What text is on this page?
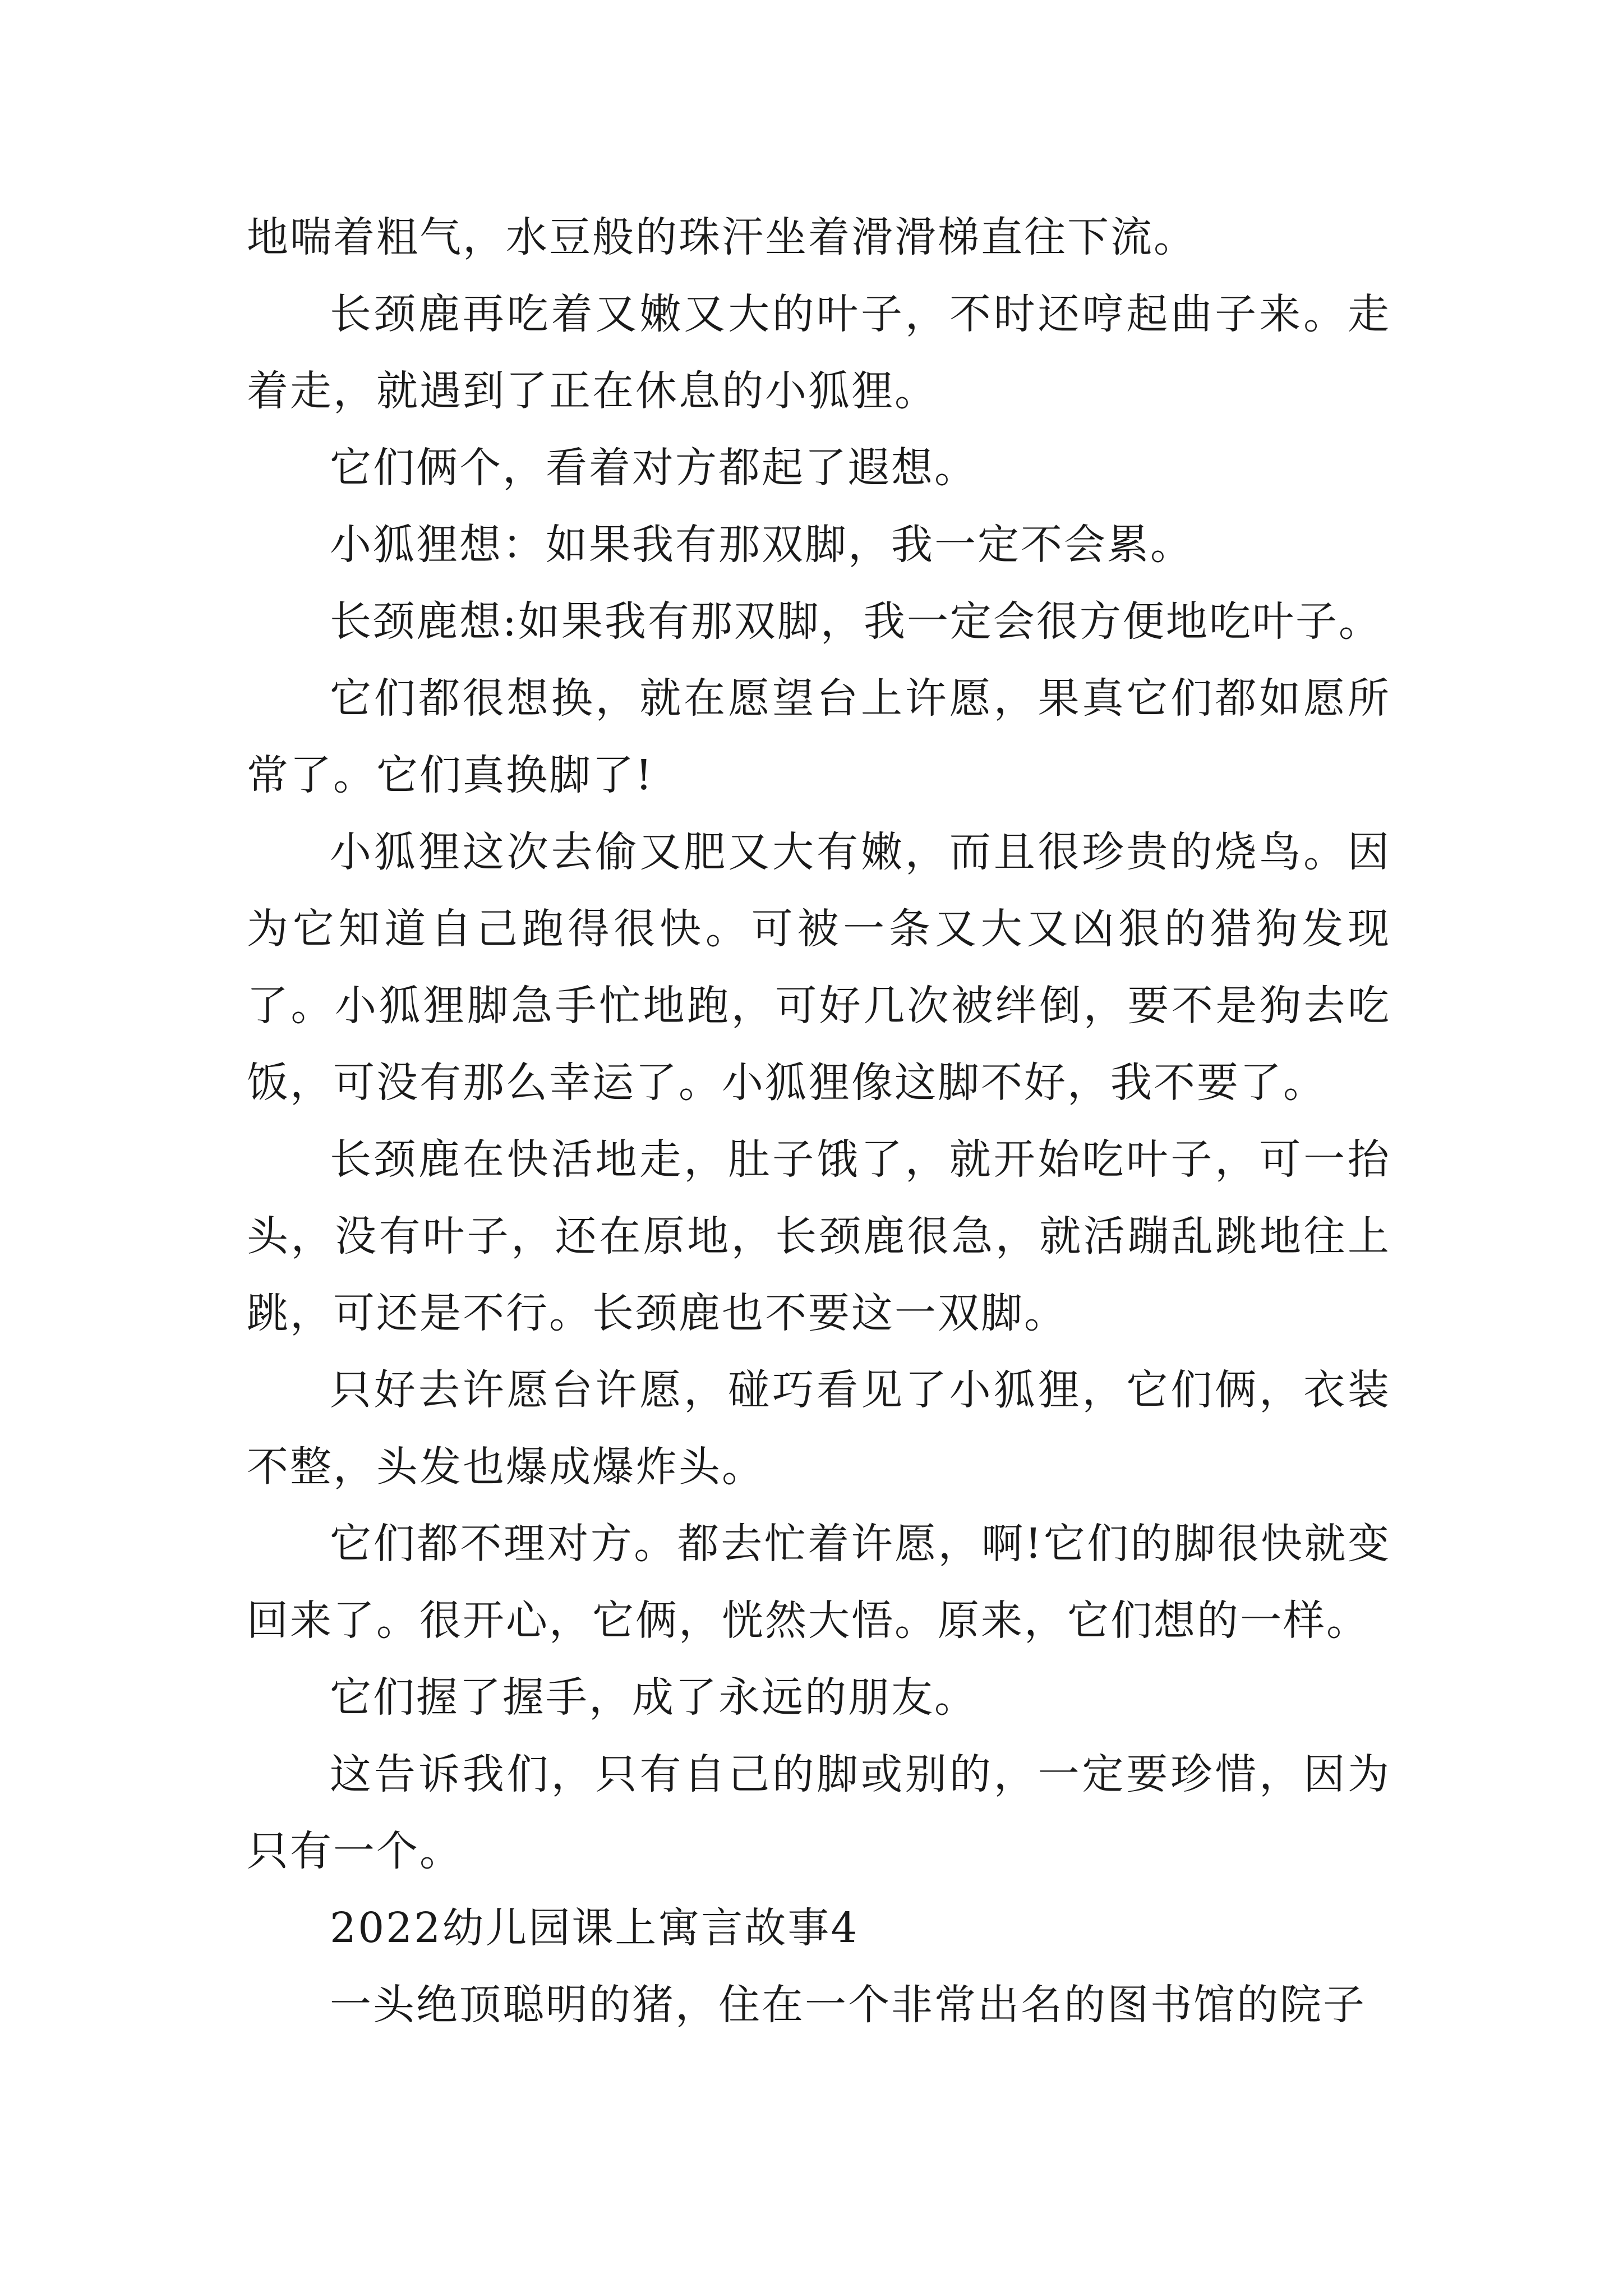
地喘着粗气，水豆般的珠汗坐着滑滑梯直往下流。

长颈鹿再吃着又嫩又大的叶子，不时还哼起曲子来。走着走，就遇到了正在休息的小狐狸。

它们俩个，看着对方都起了遐想。

小狐狸想：如果我有那双脚，我一定不会累。

长颈鹿想:如果我有那双脚，我一定会很方便地吃叶子。

它们都很想换，就在愿望台上许愿，果真它们都如愿所常了。它们真换脚了!

小狐狸这次去偷又肥又大有嫩，而且很珍贵的烧鸟。因为它知道自己跑得很快。可被一条又大又凶狠的猎狗发现了。小狐狸脚急手忙地跑，可好几次被绊倒，要不是狗去吃饭，可没有那么幸运了。小狐狸像这脚不好，我不要了。

长颈鹿在快活地走，肚子饿了，就开始吃叶子，可一抬头，没有叶子，还在原地，长颈鹿很急，就活蹦乱跳地往上跳，可还是不行。长颈鹿也不要这一双脚。

只好去许愿台许愿，碰巧看见了小狐狸，它们俩，衣装不整，头发也爆成爆炸头。

它们都不理对方。都去忙着许愿，啊!它们的脚很快就变回来了。很开心，它俩，恍然大悟。原来，它们想的一样。

它们握了握手，成了永远的朋友。

这告诉我们，只有自己的脚或别的，一定要珍惜，因为只有一个。

2022幼儿园课上寓言故事4

一头绝顶聪明的猪，住在一个非常出名的图书馆的院子
